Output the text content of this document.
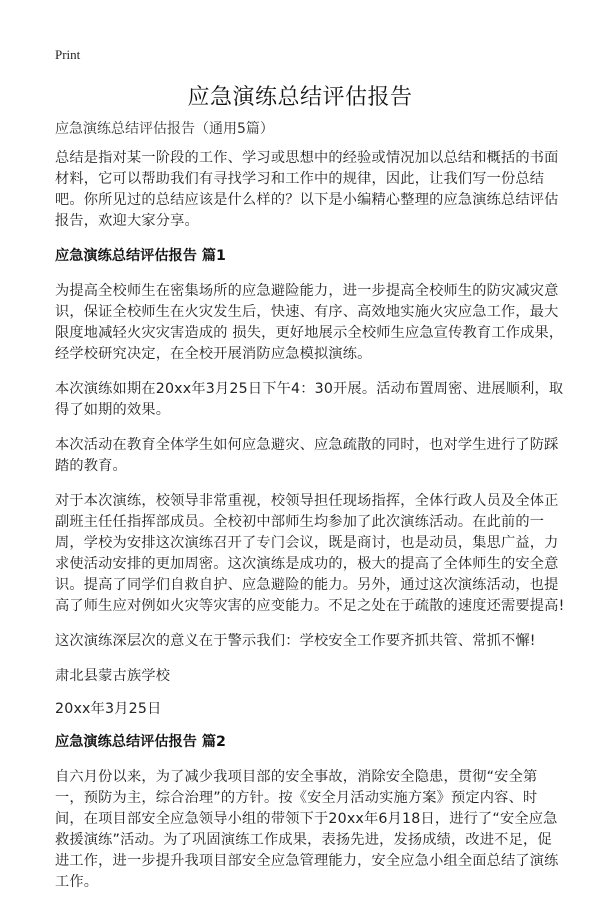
Print
应急演练总结评估报告
应急演练总结评估报告（通用5篇）

总结是指对某一阶段的工作、学习或思想中的经验或情况加以总结和概括的书面材料，它可以帮助我们有寻找学习和工作中的规律，因此，让我们写一份总结吧。你所见过的总结应该是什么样的？以下是小编精心整理的应急演练总结评估报告，欢迎大家分享。

应急演练总结评估报告 篇1

为提高全校师生在密集场所的应急避险能力，进一步提高全校师生的防灾减灾意识，保证全校师生在火灾发生后，快速、有序、高效地实施火灾应急工作，最大限度地减轻火灾灾害造成的 损失，更好地展示全校师生应急宣传教育工作成果，经学校研究决定，在全校开展消防应急模拟演练。

本次演练如期在20xx年3月25日下午4：30开展。活动布置周密、进展顺利，取得了如期的效果。

本次活动在教育全体学生如何应急避灾、应急疏散的同时，也对学生进行了防踩踏的教育。

对于本次演练，校领导非常重视，校领导担任现场指挥，全体行政人员及全体正副班主任任指挥部成员。全校初中部师生均参加了此次演练活动。在此前的一周，学校为安排这次演练召开了专门会议，既是商讨，也是动员，集思广益，力求使活动安排的更加周密。这次演练是成功的，极大的提高了全体师生的安全意识。提高了同学们自救自护、应急避险的能力。另外，通过这次演练活动，也提高了师生应对例如火灾等灾害的应变能力。不足之处在于疏散的速度还需要提高!

这次演练深层次的意义在于警示我们：学校安全工作要齐抓共管、常抓不懈!

肃北县蒙古族学校

20xx年3月25日

应急演练总结评估报告 篇2

自六月份以来，为了减少我项目部的安全事故，消除安全隐患，贯彻“安全第一，预防为主，综合治理”的方针。按《安全月活动实施方案》预定内容、时间，在项目部安全应急领导小组的带领下于20xx年6月18日，进行了“安全应急救援演练”活动。为了巩固演练工作成果，表扬先进，发扬成绩，改进不足，促进工作，进一步提升我项目部安全应急管理能力，安全应急小组全面总结了演练工作。
